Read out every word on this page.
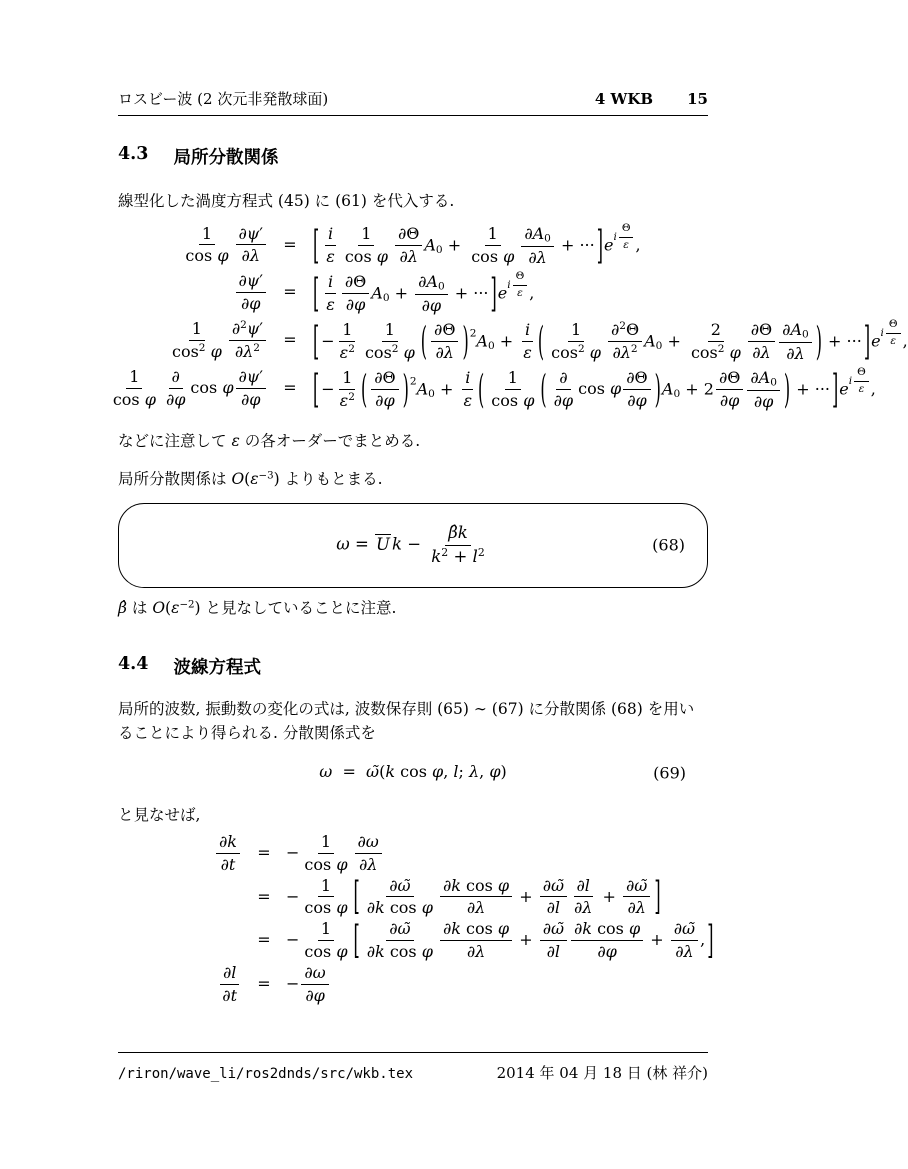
ロスビー波 (2 次元非発散球面)	4 WKB 15
4.3 局所分散関係

線型化した渦度方程式 (45) に (61) を代入する.

$\frac{1}{\text{cos φ}} \frac{\partial\psi'}{\partial\lambda}$	=	[ $\frac{i}{\varepsilon} \frac{1}{\text{cos φ}} \frac{\partial\Theta}{\partial\lambda} A0 + \frac{1}{\text{cos φ}} \frac{\partial A0}{\partial\lambda}$ + ··· ] $e^{i \frac{\Theta}{\varepsilon}}$ ,
$\frac{\partial\psi'}{\partial\varphi}$	=	[ $\frac{i}{\varepsilon} \frac{\partial\Theta}{\partial\varphi} A0 + \frac{\partial A0}{\partial\varphi}$ + ··· ] $e^{i \frac{\Theta}{\varepsilon}}$ ,
$\frac{1}{\cos^2 \varphi} \frac{\partial^2\psi'}{\partial\lambda^2}$	=	[ − $\frac{1}{\varepsilon^2} \frac{1}{\cos^2 \varphi}$ ( $\frac{\partial\Theta}{\partial\lambda}$ ) $^2A0 + \frac{i}{\varepsilon}$ ( $\frac{1}{\cos^2 \varphi} \frac{\partial^2\Theta}{\partial\lambda^2} A0 + \frac{2}{\cos^2 \varphi} \frac{\partial\Theta}{\partial\lambda} \frac{\partial A0}{\partial\lambda}$ ) + ··· ] $e^{i \frac{\Theta}{\varepsilon}}$ ,
$\frac{1}{\text{cos φ}} \frac{\partial}{\partial\varphi}$ cos φ $\frac{\partial\psi'}{\partial\varphi}$	=	[ − $\frac{1}{\varepsilon^2}$ ( $\frac{\partial\Theta}{\partial\varphi}$ ) $^2A0 + \frac{i}{\varepsilon}$ ( $\frac{1}{\text{cos φ}}$ ( $\frac{\partial}{\partial\varphi}$ cos φ $\frac{\partial\Theta}{\partial\varphi}$ ) $A0 + 2 \frac{\partial\Theta}{\partial\varphi} \frac{\partial A0}{\partial\varphi}$ ) + ··· ] $e^{i \frac{\Theta}{\varepsilon}}$ ,

などに注意して ε の各オーダーでまとめる.

局所分散関係は $O(\varepsilon^{-3})$ よりもとまる.

ω = U $k - \frac{\betâk}{k^2 + l^2}$	(68)

β̂ は $O(\varepsilon^{-2})$ と見なしていることに注意.

4.4 波線方程式

局所的波数, 振動数の変化の式は, 波数保存則 (65) ∼ (67) に分散関係 (68) を用いることにより得られる. 分散関係式を

ω  =  ω̃(k cos φ, l; λ, φ)	(69)

と見なせば,

$\frac{\partial k}{\partial t}$	= − $\frac{1}{\text{cos φ}} \frac{\partial\omega}{\partial\lambda}$
= − $\frac{1}{\text{cos φ}}$ [ $\frac{\partial\omegã}{\text{∂k cos φ}} \frac{\text{∂k cos φ}}{\partial\lambda} + \frac{\partial\omegã}{\partial l} \frac{\partial l}{\partial\lambda} + \frac{\partial\omegã}{\partial\lambda}$ ]
= − $\frac{1}{\text{cos φ}}$ [ $\frac{\partial\omegã}{\text{∂k cos φ}} \frac{\text{∂k cos φ}}{\partial\lambda} + \frac{\partial\omegã}{\partial l} \frac{\text{∂k cos φ}}{\partial\varphi} + \frac{\partial\omegã}{\partial\lambda}$ , ]
$\frac{\partial l}{\partial t}$	= − $\frac{\partial\omega}{\partial\varphi}$
/riron/wave_li/ros2dnds/src/wkb.tex	2014 年 04 月 18 日 (林 祥介)
